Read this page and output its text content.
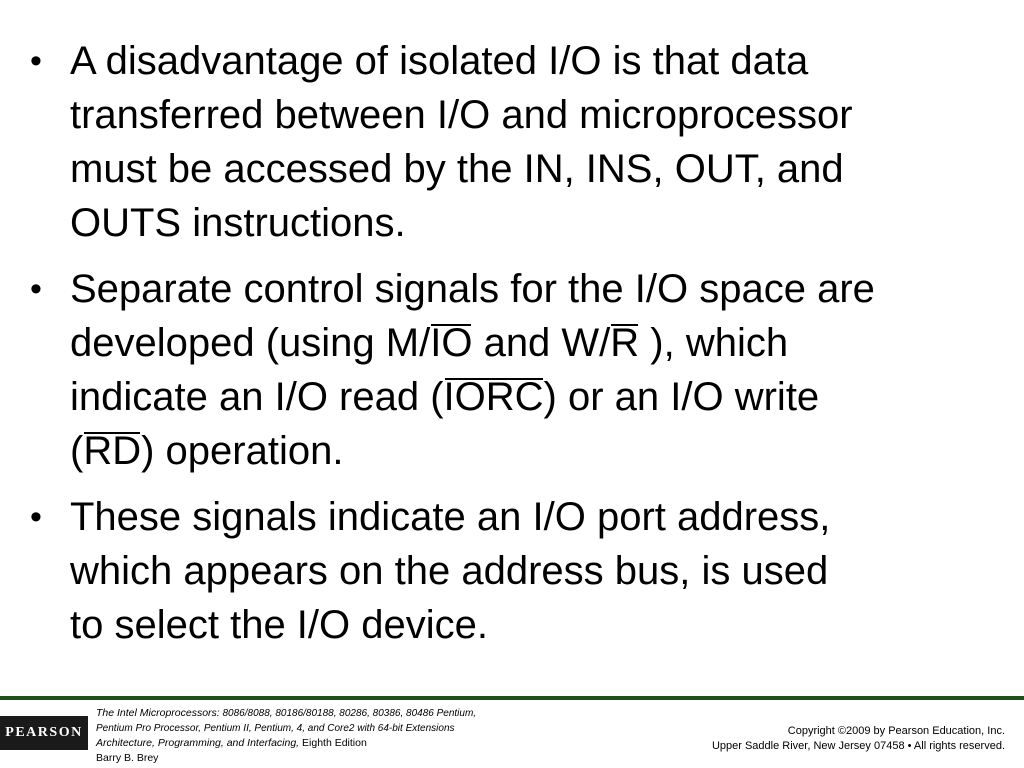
• A disadvantage of isolated I/O is that data
transferred between I/O and microprocessor
must be accessed by the IN, INS, OUT, and
OUTS instructions.
• Separate control signals for the I/O space are
developed (using M/IO and W/R ), which
indicate an I/O read (IORC) or an I/O write
(RD) operation.
• These signals indicate an I/O port address,
which appears on the address bus, is used
to select the I/O device.
PEARSON
The Intel Microprocessors: 8086/8088, 80186/80188, 80286, 80386, 80486 Pentium,
Pentium Pro Processor, Pentium II, Pentium, 4, and Core2 with 64-bit Extensions
Architecture, Programming, and Interfacing, Eighth Edition
Barry B. Brey
Copyright ©2009 by Pearson Education, Inc.
Upper Saddle River, New Jersey 07458 • All rights reserved.
